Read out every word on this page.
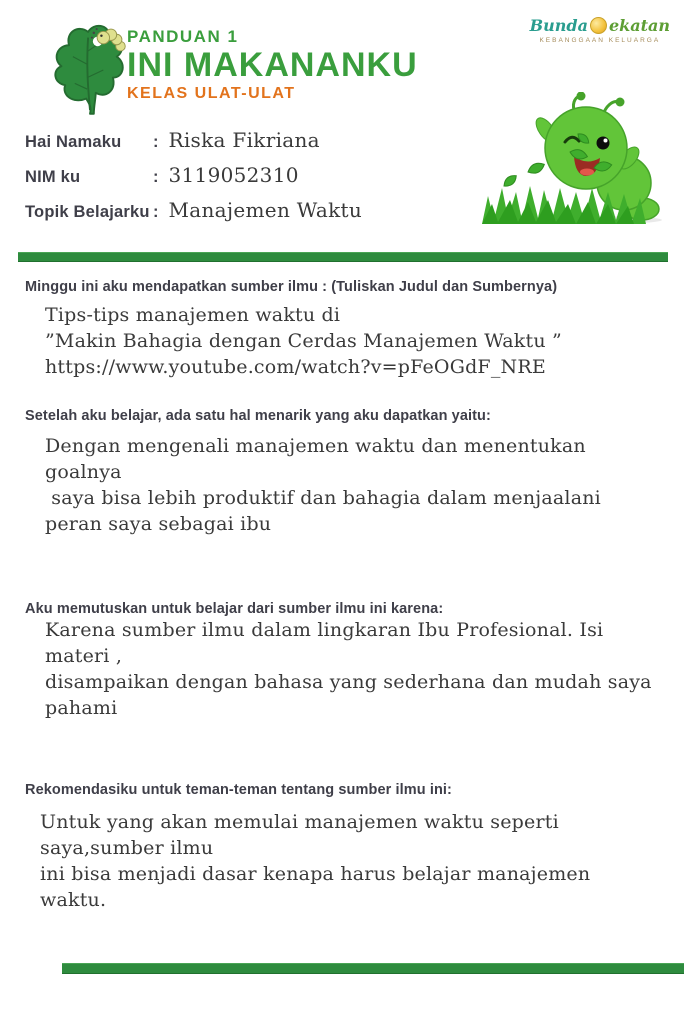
PANDUAN 1
INI MAKANANKU
KELAS ULAT-ULAT
Bunda ekatan
KEBANGGAAN KELUARGA
Hai Namaku	: Riska Fikriana
NIM ku	: 3119052310
Topik Belajarku : Manajemen Waktu
Minggu ini aku mendapatkan sumber ilmu : (Tuliskan Judul dan Sumbernya)
Tips-tips manajemen waktu di
”Makin Bahagia dengan Cerdas Manajemen Waktu ”
https://www.youtube.com/watch?v=pFeOGdF_NRE
Setelah aku belajar, ada satu hal menarik yang aku dapatkan yaitu:
Dengan mengenali manajemen waktu dan menentukan goalnya
saya bisa lebih produktif dan bahagia dalam menjaalani
peran saya sebagai ibu
Aku memutuskan untuk belajar dari sumber ilmu ini karena:
Karena sumber ilmu dalam lingkaran Ibu Profesional. Isi materi ,
disampaikan dengan bahasa yang sederhana dan mudah saya pahami
Rekomendasiku untuk teman-teman tentang sumber ilmu ini:
Untuk yang akan memulai manajemen waktu seperti saya,sumber ilmu
ini bisa menjadi dasar kenapa harus belajar manajemen waktu.
